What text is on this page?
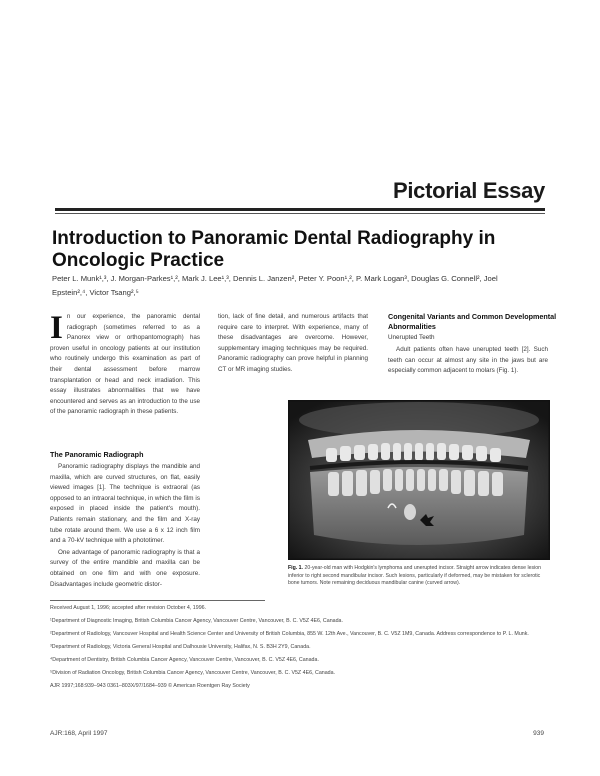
Pictorial Essay
Introduction to Panoramic Dental Radiography in Oncologic Practice
Peter L. Munk¹,³, J. Morgan-Parkes¹,², Mark J. Lee¹,³, Dennis L. Janzen², Peter Y. Poon¹,², P. Mark Logan³, Douglas G. Connell², Joel Epstein²,⁴, Victor Tsang²,⁵

In our experience, the panoramic dental radiograph (sometimes referred to as a Panorex view or orthopantomograph) has proven useful in oncology patients at our institution who routinely undergo this examination as part of their dental assessment before marrow transplantation or head and neck irradiation. This essay illustrates abnormalities that we have encountered and serves as an introduction to the use of the panoramic radiograph in these patients.

The Panoramic Radiograph

Panoramic radiography displays the mandible and maxilla, which are curved structures, on flat, easily viewed images [1]. The technique is extraoral (as opposed to an intraoral technique, in which the film is exposed in placed inside the patient's mouth). Patients remain stationary, and the film and X-ray tube rotate around them. We use a 6 x 12 inch film and a 70-kV technique with a phototimer.

One advantage of panoramic radiography is that a survey of the entire mandible and maxilla can be obtained on one film and with one exposure. Disadvantages include geometric distor-

tion, lack of fine detail, and numerous artifacts that require care to interpret. With experience, many of these disadvantages are overcome. However, supplementary imaging techniques may be required. Panoramic radiography can prove helpful in planning CT or MR imaging studies.
Congenital Variants and Common Developmental Abnormalities
Unerupted Teeth
Adult patients often have unerupted teeth [2]. Such teeth can occur at almost any site in the jaws but are especially common adjacent to molars (Fig. 1).
Fig. 1. 20-year-old man with Hodgkin's lymphoma and unerupted incisor. Straight arrow indicates dense lesion inferior to right second mandibular incisor. Such lesions, particularly if deformed, may be mistaken for sclerotic bone tumors. Note remaining deciduous mandibular canine (curved arrow).

Received August 1, 1996; accepted after revision October 4, 1996.

¹Department of Diagnostic Imaging, British Columbia Cancer Agency, Vancouver Centre, Vancouver, B. C. V5Z 4E6, Canada.

²Department of Radiology, Vancouver Hospital and Health Science Center and University of British Columbia, 855 W. 12th Ave., Vancouver, B. C. V5Z 1M9, Canada. Address correspondence to P. L. Munk.

³Department of Radiology, Victoria General Hospital and Dalhousie University, Halifax, N. S. B3H 2Y9, Canada.

⁴Department of Dentistry, British Columbia Cancer Agency, Vancouver Centre, Vancouver, B. C. V5Z 4E6, Canada.

⁵Division of Radiation Oncology, British Columbia Cancer Agency, Vancouver Centre, Vancouver, B. C. V5Z 4E6, Canada.

AJR 1997;168:939–943 0361–803X/97/1684–939 © American Roentgen Ray Society

AJR:168, April 1997	939
